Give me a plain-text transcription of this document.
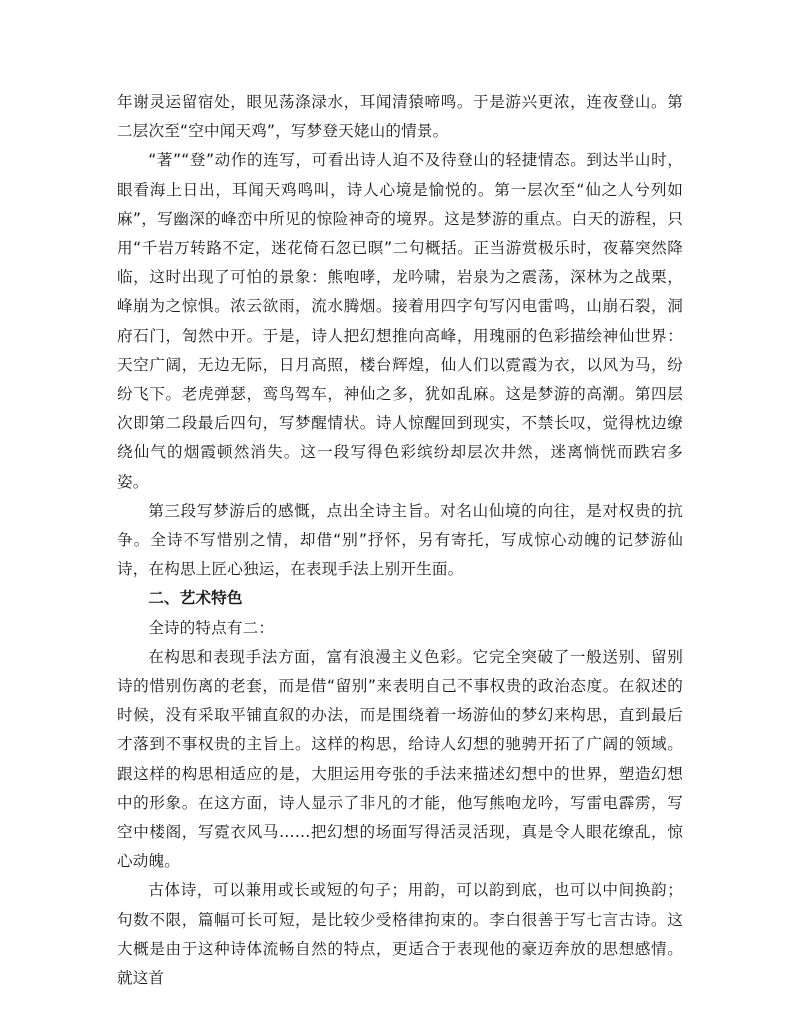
年谢灵运留宿处，眼见荡涤渌水，耳闻清猿啼鸣。于是游兴更浓，连夜登山。第二层次至“空中闻天鸡”，写梦登天姥山的情景。

“著”“登”动作的连写，可看出诗人迫不及待登山的轻捷情态。到达半山时，眼看海上日出，耳闻天鸡鸣叫，诗人心境是愉悦的。第一层次至“仙之人兮列如麻”，写幽深的峰峦中所见的惊险神奇的境界。这是梦游的重点。白天的游程，只用“千岩万转路不定，迷花倚石忽已暝”二句概括。正当游赏极乐时，夜幕突然降临，这时出现了可怕的景象：熊咆哮，龙吟啸，岩泉为之震荡，深林为之战栗，峰崩为之惊惧。浓云欲雨，流水腾烟。接着用四字句写闪电雷鸣，山崩石裂，洞府石门，訇然中开。于是，诗人把幻想推向高峰，用瑰丽的色彩描绘神仙世界：天空广阔，无边无际，日月高照，楼台辉煌，仙人们以霓霞为衣，以风为马，纷纷飞下。老虎弹瑟，鸾鸟驾车，神仙之多，犹如乱麻。这是梦游的高潮。第四层次即第二段最后四句，写梦醒情状。诗人惊醒回到现实，不禁长叹，觉得枕边缭绕仙气的烟霞顿然消失。这一段写得色彩缤纷却层次井然，迷离惝恍而跌宕多姿。

第三段写梦游后的感慨，点出全诗主旨。对名山仙境的向往，是对权贵的抗争。全诗不写惜别之情，却借“别”抒怀，另有寄托，写成惊心动魄的记梦游仙诗，在构思上匠心独运，在表现手法上别开生面。

二、艺术特色

全诗的特点有二：

在构思和表现手法方面，富有浪漫主义色彩。它完全突破了一般送别、留别诗的惜别伤离的老套，而是借“留别”来表明自己不事权贵的政治态度。在叙述的时候，没有采取平铺直叙的办法，而是围绕着一场游仙的梦幻来构思，直到最后才落到不事权贵的主旨上。这样的构思，给诗人幻想的驰骋开拓了广阔的领域。跟这样的构思相适应的是，大胆运用夸张的手法来描述幻想中的世界，塑造幻想中的形象。在这方面，诗人显示了非凡的才能，他写熊咆龙吟，写雷电霹雳，写空中楼阁，写霓衣风马……把幻想的场面写得活灵活现，真是令人眼花缭乱，惊心动魄。

古体诗，可以兼用或长或短的句子；用韵，可以韵到底，也可以中间换韵；句数不限，篇幅可长可短，是比较少受格律拘束的。李白很善于写七言古诗。这大概是由于这种诗体流畅自然的特点，更适合于表现他的豪迈奔放的思想感情。就这首
